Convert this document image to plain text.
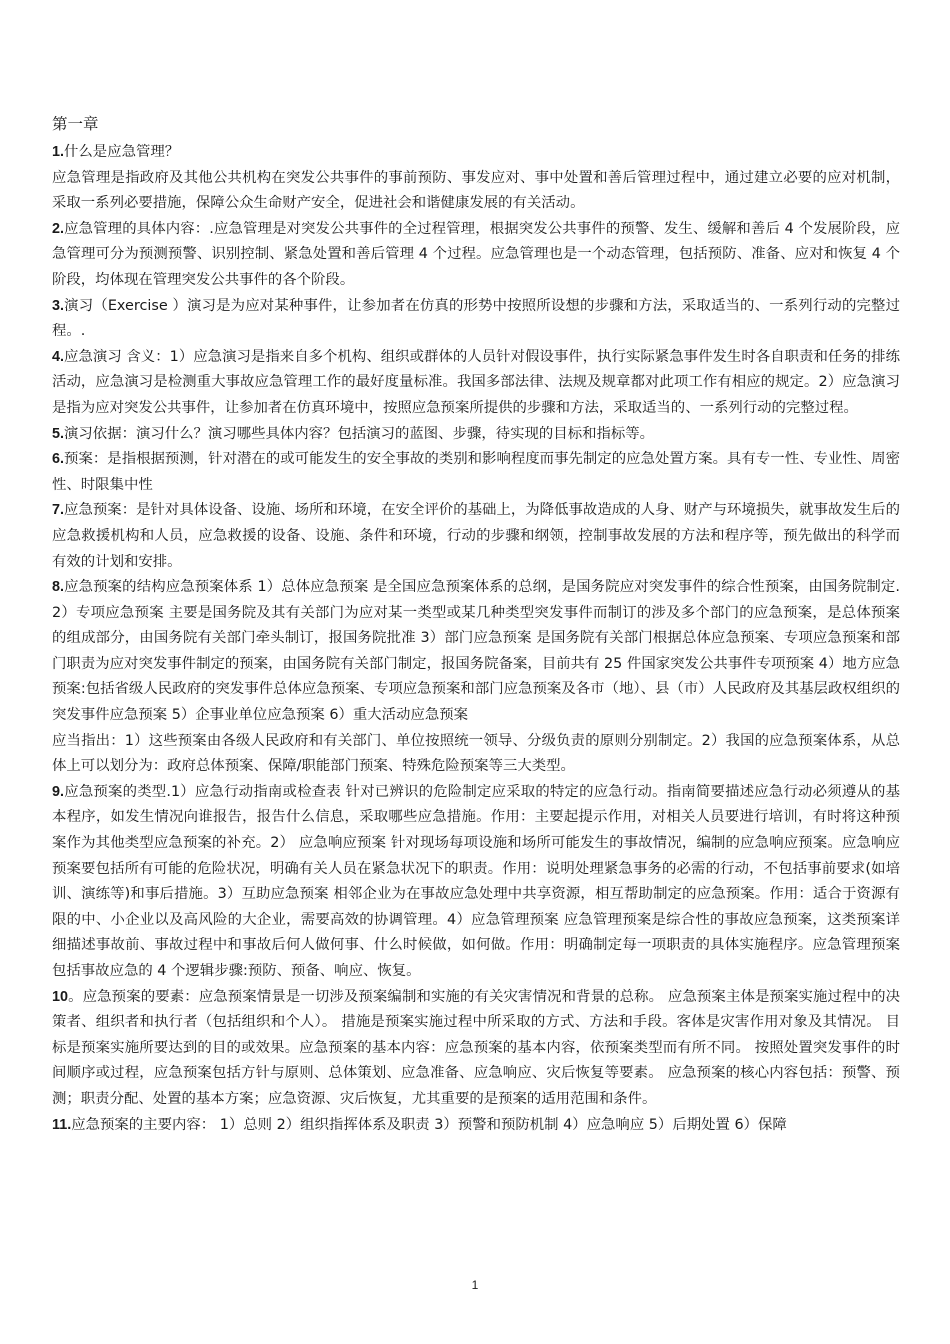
第一章

1.什么是应急管理？

应急管理是指政府及其他公共机构在突发公共事件的事前预防、事发应对、事中处置和善后管理过程中，通过建立必要的应对机制，采取一系列必要措施，保障公众生命财产安全，促进社会和谐健康发展的有关活动。

2.应急管理的具体内容：.应急管理是对突发公共事件的全过程管理，根据突发公共事件的预警、发生、缓解和善后 4 个发展阶段，应急管理可分为预测预警、识别控制、紧急处置和善后管理 4 个过程。应急管理也是一个动态管理，包括预防、准备、应对和恢复 4 个阶段，均体现在管理突发公共事件的各个阶段。

3.演习（Exercise ）演习是为应对某种事件，让参加者在仿真的形势中按照所设想的步骤和方法，采取适当的、一系列行动的完整过程。.

4.应急演习 含义：1）应急演习是指来自多个机构、组织或群体的人员针对假设事件，执行实际紧急事件发生时各自职责和任务的排练活动，应急演习是检测重大事故应急管理工作的最好度量标准。我国多部法律、法规及规章都对此项工作有相应的规定。2）应急演习是指为应对突发公共事件，让参加者在仿真环境中，按照应急预案所提供的步骤和方法，采取适当的、一系列行动的完整过程。

5.演习依据：演习什么？演习哪些具体内容？包括演习的蓝图、步骤，待实现的目标和指标等。

6.预案：是指根据预测，针对潜在的或可能发生的安全事故的类别和影响程度而事先制定的应急处置方案。具有专一性、专业性、周密性、时限集中性

7.应急预案：是针对具体设备、设施、场所和环境，在安全评价的基础上，为降低事故造成的人身、财产与环境损失，就事故发生后的应急救援机构和人员，应急救援的设备、设施、条件和环境，行动的步骤和纲领，控制事故发展的方法和程序等，预先做出的科学而有效的计划和安排。

8.应急预案的结构应急预案体系 1）总体应急预案 是全国应急预案体系的总纲，是国务院应对突发事件的综合性预案，由国务院制定. 2）专项应急预案 主要是国务院及其有关部门为应对某一类型或某几种类型突发事件而制订的涉及多个部门的应急预案，是总体预案的组成部分，由国务院有关部门牵头制订，报国务院批准 3）部门应急预案 是国务院有关部门根据总体应急预案、专项应急预案和部门职责为应对突发事件制定的预案，由国务院有关部门制定，报国务院备案，目前共有 25 件国家突发公共事件专项预案 4）地方应急预案:包括省级人民政府的突发事件总体应急预案、专项应急预案和部门应急预案及各市（地）、县（市）人民政府及其基层政权组织的突发事件应急预案 5）企事业单位应急预案 6）重大活动应急预案

应当指出：1）这些预案由各级人民政府和有关部门、单位按照统一领导、分级负责的原则分别制定。2）我国的应急预案体系，从总体上可以划分为：政府总体预案、保障/职能部门预案、特殊危险预案等三大类型。

9.应急预案的类型.1）应急行动指南或检查表 针对已辨识的危险制定应采取的特定的应急行动。指南简要描述应急行动必须遵从的基本程序，如发生情况向谁报告，报告什么信息，采取哪些应急措施。作用：主要起提示作用，对相关人员要进行培训，有时将这种预案作为其他类型应急预案的补充。2） 应急响应预案 针对现场每项设施和场所可能发生的事故情况，编制的应急响应预案。应急响应预案要包括所有可能的危险状况，明确有关人员在紧急状况下的职责。作用：说明处理紧急事务的必需的行动，不包括事前要求(如培训、演练等)和事后措施。3）互助应急预案 相邻企业为在事故应急处理中共享资源，相互帮助制定的应急预案。作用：适合于资源有限的中、小企业以及高风险的大企业，需要高效的协调管理。4）应急管理预案 应急管理预案是综合性的事故应急预案，这类预案详细描述事故前、事故过程中和事故后何人做何事、什么时候做，如何做。作用：明确制定每一项职责的具体实施程序。应急管理预案包括事故应急的 4 个逻辑步骤:预防、预备、响应、恢复。

10。应急预案的要素：应急预案情景是一切涉及预案编制和实施的有关灾害情况和背景的总称。 应急预案主体是预案实施过程中的决策者、组织者和执行者（包括组织和个人）。 措施是预案实施过程中所采取的方式、方法和手段。客体是灾害作用对象及其情况。 目标是预案实施所要达到的目的或效果。应急预案的基本内容：应急预案的基本内容，依预案类型而有所不同。 按照处置突发事件的时间顺序或过程，应急预案包括方针与原则、总体策划、应急准备、应急响应、灾后恢复等要素。 应急预案的核心内容包括：预警、预测；职责分配、处置的基本方案；应急资源、灾后恢复，尤其重要的是预案的适用范围和条件。

11.应急预案的主要内容： 1）总则 2）组织指挥体系及职责 3）预警和预防机制 4）应急响应 5）后期处置 6）保障

1
